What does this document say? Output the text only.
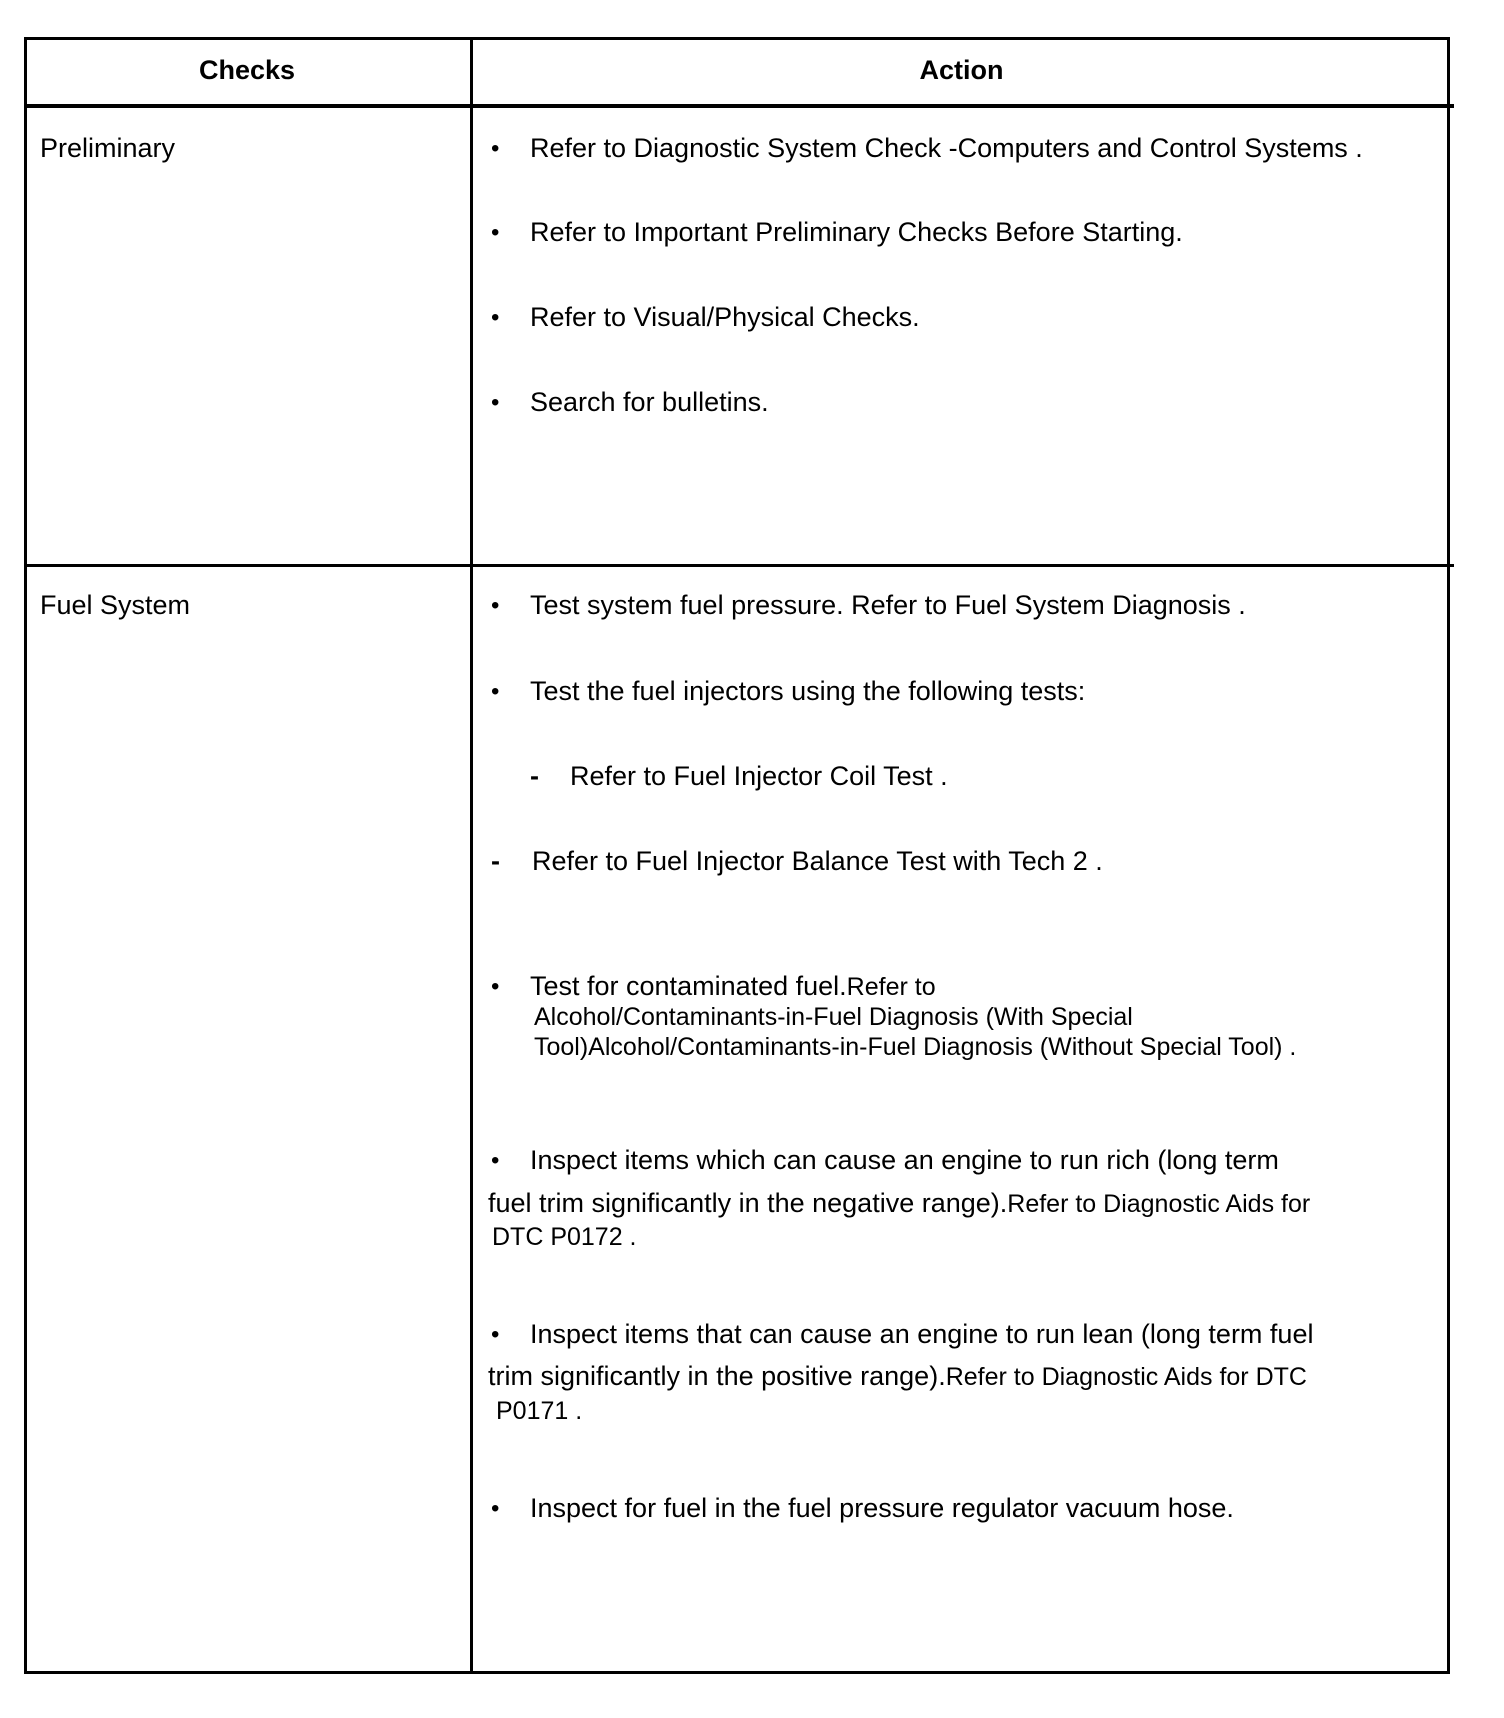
Checks	Action
Preliminary	• Refer to Diagnostic System Check -Computers and Control Systems .
• Refer to Important Preliminary Checks Before Starting.
• Refer to Visual/Physical Checks.
• Search for bulletins.
Fuel System	• Test system fuel pressure. Refer to Fuel System Diagnosis .
• Test the fuel injectors using the following tests:
- Refer to Fuel Injector Coil Test .
- Refer to Fuel Injector Balance Test with Tech 2 .
• Test for contaminated fuel.Refer to
Alcohol/Contaminants-in-Fuel Diagnosis (With Special
Tool)Alcohol/Contaminants-in-Fuel Diagnosis (Without Special Tool) .
• Inspect items which can cause an engine to run rich (long term
fuel trim significantly in the negative range).Refer to Diagnostic Aids for
DTC P0172 .
• Inspect items that can cause an engine to run lean (long term fuel
trim significantly in the positive range).Refer to Diagnostic Aids for DTC
P0171 .
• Inspect for fuel in the fuel pressure regulator vacuum hose.
